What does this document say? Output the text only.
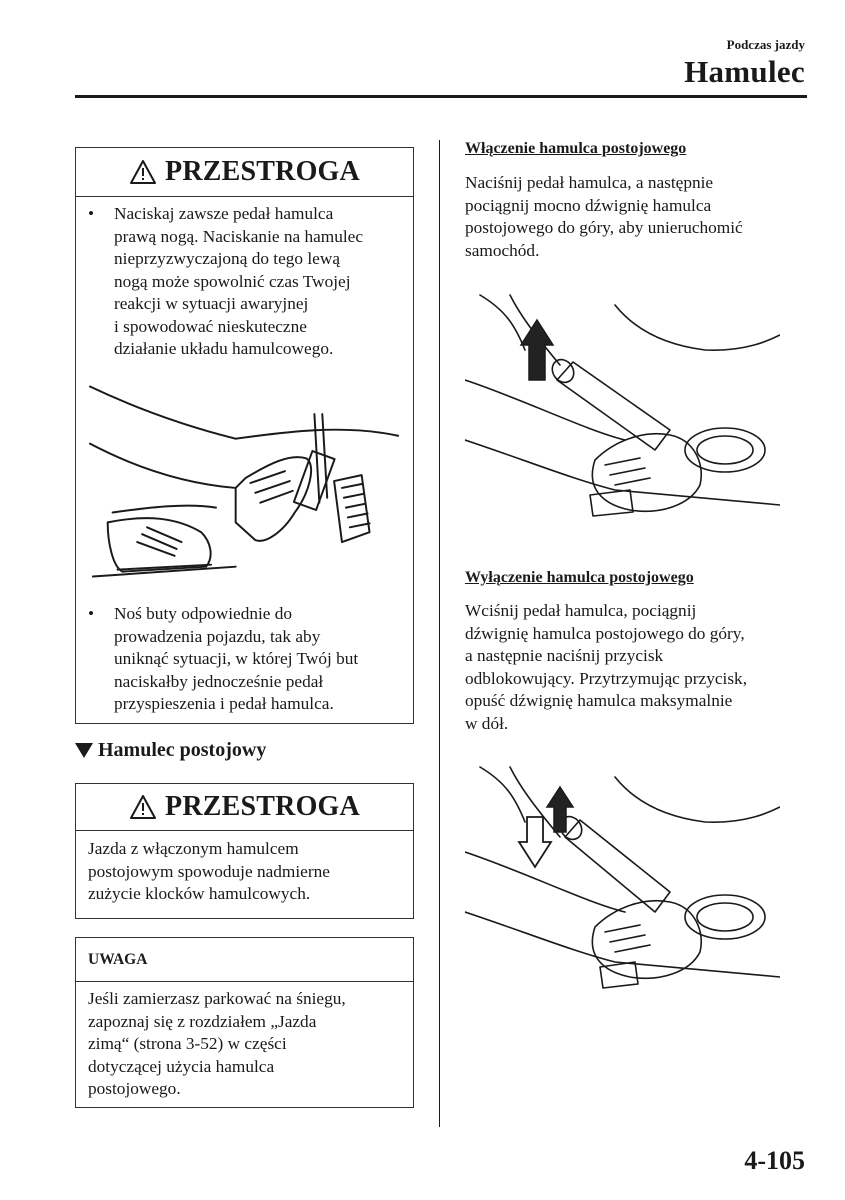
Podczas jazdy
Hamulec
PRZESTROGA
•	Naciskaj zawsze pedał hamulca
prawą nogą. Naciskanie na hamulec
nieprzyzwyczajoną do tego lewą
nogą może spowolnić czas Twojej
reakcji w sytuacji awaryjnej
i spowodować nieskuteczne
działanie układu hamulcowego.
•	Noś buty odpowiednie do
prowadzenia pojazdu, tak aby
uniknąć sytuacji, w której Twój but
naciskałby jednocześnie pedał
przyspieszenia i pedał hamulca.
Hamulec postojowy
PRZESTROGA
Jazda z włączonym hamulcem
postojowym spowoduje nadmierne
zużycie klocków hamulcowych.
UWAGA
Jeśli zamierzasz parkować na śniegu,
zapoznaj się z rozdziałem „Jazda
zimą“ (strona 3-52) w części
dotyczącej użycia hamulca
postojowego.
Włączenie hamulca postojowego
Naciśnij pedał hamulca, a następnie
pociągnij mocno dźwignię hamulca
postojowego do góry, aby unieruchomić
samochód.
Wyłączenie hamulca postojowego
Wciśnij pedał hamulca, pociągnij
dźwignię hamulca postojowego do góry,
a następnie naciśnij przycisk
odblokowujący. Przytrzymując przycisk,
opuść dźwignię hamulca maksymalnie
w dół.
4-105
